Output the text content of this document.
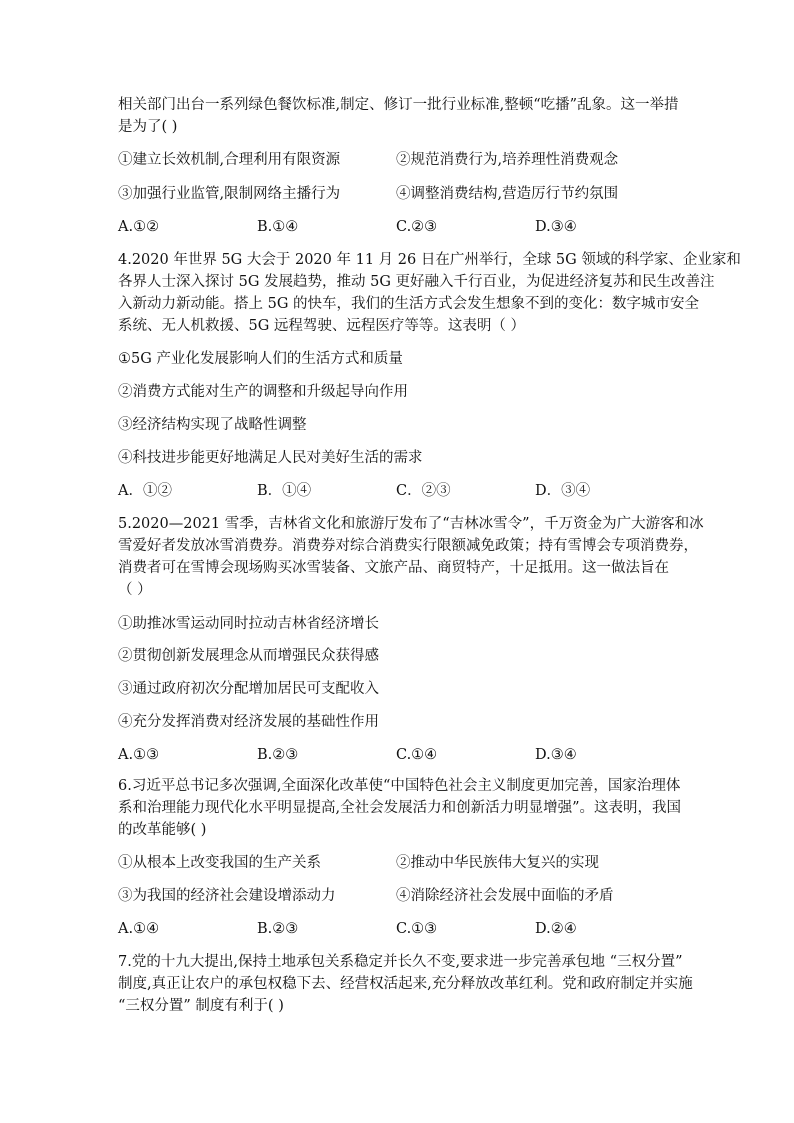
相关部门出台一系列绿色餐饮标准,制定、修订一批行业标准,整顿“吃播”乱象。这一举措
是为了( )
①建立长效机制,合理利用有限资源	②规范消费行为,培养理性消费观念
③加强行业监管,限制网络主播行为	④调整消费结构,营造厉行节约氛围
A.①②	B.①④	C.②③	D.③④
4.2020 年世界 5G 大会于 2020 年 11 月 26 日在广州举行，全球 5G 领域的科学家、企业家和
各界人士深入探讨 5G 发展趋势，推动 5G 更好融入千行百业，为促进经济复苏和民生改善注
入新动力新动能。搭上 5G 的快车，我们的生活方式会发生想象不到的变化：数字城市安全
系统、无人机救援、5G 远程驾驶、远程医疗等等。这表明（ ）
①5G 产业化发展影响人们的生活方式和质量
②消费方式能对生产的调整和升级起导向作用
③经济结构实现了战略性调整
④科技进步能更好地满足人民对美好生活的需求
A．①②	B．①④	C．②③	D．③④
5.2020—2021 雪季，吉林省文化和旅游厅发布了“吉林冰雪令”，千万资金为广大游客和冰
雪爱好者发放冰雪消费券。消费券对综合消费实行限额减免政策；持有雪博会专项消费券，
消费者可在雪博会现场购买冰雪装备、文旅产品、商贸特产，十足抵用。这一做法旨在
（ ）
①助推冰雪运动同时拉动吉林省经济增长
②贯彻创新发展理念从而增强民众获得感
③通过政府初次分配增加居民可支配收入
④充分发挥消费对经济发展的基础性作用
A.①③	B.②③	C.①④	D.③④
6.习近平总书记多次强调,全面深化改革使“中国特色社会主义制度更加完善，国家治理体
系和治理能力现代化水平明显提高,全社会发展活力和创新活力明显增强”。这表明，我国
的改革能够( )
①从根本上改变我国的生产关系	②推动中华民族伟大复兴的实现
③为我国的经济社会建设增添动力	④消除经济社会发展中面临的矛盾
A.①④	B.②③	C.①③	D.②④
7.党的十九大提出,保持土地承包关系稳定并长久不变,要求进一步完善承包地 “三权分置”
制度,真正让农户的承包权稳下去、经营权活起来,充分释放改革红利。党和政府制定并实施
“三权分置” 制度有利于( )
